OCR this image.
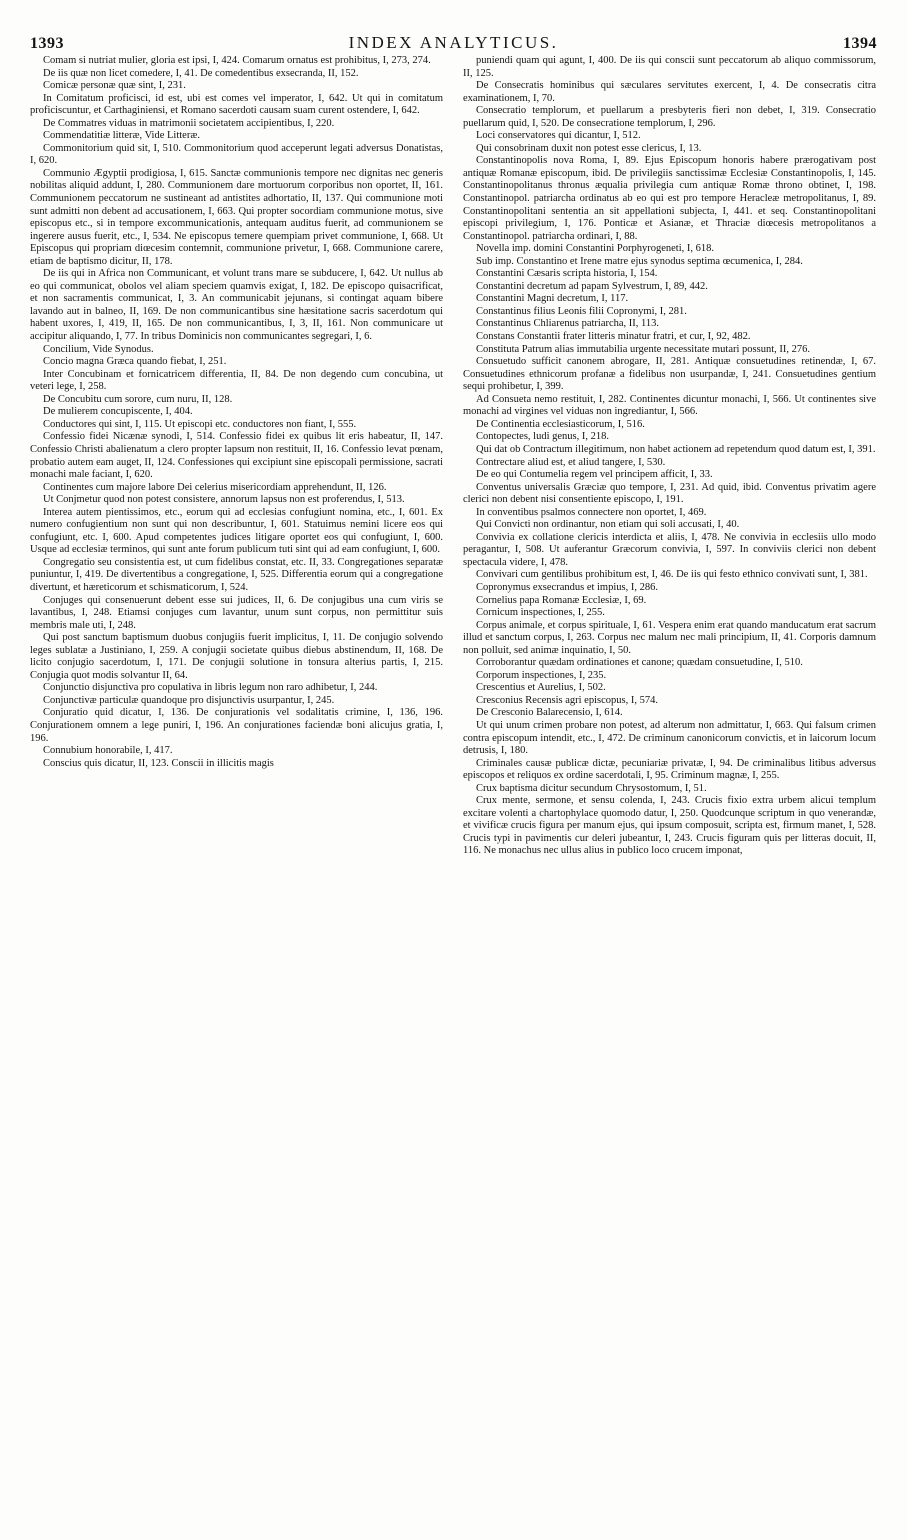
1393	INDEX ANALYTICUS.	1394

Comam si nutriat mulier, gloria est ipsi, I, 424. Comarum ornatus est prohibitus, I, 273, 274.

De iis quæ non licet comedere, I, 41. De comedentibus exsecranda, II, 152.

Comicæ personæ quæ sint, I, 231.

In Comitatum proficisci, id est, ubi est comes vel imperator, I, 642. Ut qui in comitatum proficiscuntur, et Carthaginiensi, et Romano sacerdoti causam suam curent ostendere, I, 642.

De Commatres viduas in matrimonii societatem accipientibus, I, 220.

Commendatitiæ litteræ, Vide Litteræ.

Commonitorium quid sit, I, 510. Commonitorium quod acceperunt legati adversus Donatistas, I, 620.

Communio Ægyptii prodigiosa, I, 615. Sanctæ communionis tempore nec dignitas nec generis nobilitas aliquid addunt, I, 280. Communionem dare mortuorum corporibus non oportet, II, 161. Communionem peccatorum ne sustineant ad antistites adhortatio, II, 137. Qui communione moti sunt admitti non debent ad accusationem, I, 663. Qui propter socordiam communione motus, sive episcopus etc., si in tempore excommunicationis, antequam auditus fuerit, ad communionem se ingerere ausus fuerit, etc., I, 534. Ne episcopus temere quempiam privet communione, I, 668. Ut Episcopus qui propriam diœcesim contemnit, communione privetur, I, 668. Communione carere, etiam de baptismo dicitur, II, 178.

De iis qui in Africa non Communicant, et volunt trans mare se subducere, I, 642. Ut nullus ab eo qui communicat, obolos vel aliam speciem quamvis exigat, I, 182. De episcopo quisacrificat, et non sacramentis communicat, I, 3. An communicabit jejunans, si contingat aquam bibere lavando aut in balneo, II, 169. De non communicantibus sine hæsitatione sacris sacerdotum qui habent uxores, I, 419, II, 165. De non communicantibus, I, 3, II, 161. Non communicare ut accipitur aliquando, I, 77. In tribus Dominicis non communicantes segregari, I, 6.

Concilium, Vide Synodus.

Concio magna Græca quando fiebat, I, 251.

Inter Concubinam et fornicatricem differentia, II, 84. De non degendo cum concubina, ut veteri lege, I, 258.

De Concubitu cum sorore, cum nuru, II, 128.

De mulierem concupiscente, I, 404.

Conductores qui sint, I, 115. Ut episcopi etc. conductores non fiant, I, 555.

Confessio fidei Nicænæ synodi, I, 514. Confessio fidei ex quibus lit eris habeatur, II, 147. Confessio Christi abalienatum a clero propter lapsum non restituit, II, 16. Confessio levat pœnam, probatio autem eam auget, II, 124. Confessiones qui excipiunt sine episcopali permissione, sacrati monachi male faciant, I, 620.

Continentes cum majore labore Dei celerius misericordiam apprehendunt, II, 126.

Ut Conjmetur quod non potest consistere, annorum lapsus non est proferendus, I, 513.

Interea autem pientissimos, etc., eorum qui ad ecclesias confugiunt nomina, etc., I, 601. Ex numero confugientium non sunt qui non describuntur, I, 601. Statuimus nemini licere eos qui confugiunt, etc. I, 600. Apud competentes judices litigare oportet eos qui confugiunt, I, 600. Usque ad ecclesiæ terminos, qui sunt ante forum publicum tuti sint qui ad eam confugiunt, I, 600.

Congregatio seu consistentia est, ut cum fidelibus constat, etc. II, 33. Congregationes separatæ puniuntur, I, 419. De divertentibus a congregatione, I, 525. Differentia eorum qui a congregatione divertunt, et hæreticorum et schismaticorum, I, 524.

Conjuges qui consenuerunt debent esse sui judices, II, 6. De conjugibus una cum viris se lavantibus, I, 248. Etiamsi conjuges cum lavantur, unum sunt corpus, non permittitur suis membris male uti, I, 248.

Qui post sanctum baptismum duobus conjugiis fuerit implicitus, I, 11. De conjugio solvendo leges sublatæ a Justiniano, I, 259. A conjugii societate quibus diebus abstinendum, II, 168. De licito conjugio sacerdotum, I, 171. De conjugii solutione in tonsura alterius partis, I, 215. Conjugia quot modis solvantur II, 64.

Conjunctio disjunctiva pro copulativa in libris legum non raro adhibetur, I, 244.

Conjunctivæ particulæ quandoque pro disjunctivis usurpantur, I, 245.

Conjuratio quid dicatur, I, 136. De conjurationis vel sodalitatis crimine, I, 136, 196. Conjurationem omnem a lege puniri, I, 196. An conjurationes faciendæ boni alicujus gratia, I, 196.

Connubium honorabile, I, 417.

Conscius quis dicatur, II, 123. Conscii in illicitis magis

puniendi quam qui agunt, I, 400. De iis qui conscii sunt peccatorum ab aliquo commissorum, II, 125.

De Consecratis hominibus qui sæculares servitutes exercent, I, 4. De consecratis citra examinationem, I, 70.

Consecratio templorum, et puellarum a presbyteris fieri non debet, I, 319. Consecratio puellarum quid, I, 520. De consecratione templorum, I, 296.

Loci conservatores qui dicantur, I, 512.

Qui consobrinam duxit non potest esse clericus, I, 13.

Constantinopolis nova Roma, I, 89. Ejus Episcopum honoris habere prærogativam post antiquæ Romanæ episcopum, ibid. De privilegiis sanctissimæ Ecclesiæ Constantinopolis, I, 145. Constantinopolitanus thronus æqualia privilegia cum antiquæ Romæ throno obtinet, I, 198. Constantinopol. patriarcha ordinatus ab eo qui est pro tempore Heracleæ metropolitanus, I, 89. Constantinopolitani sententia an sit appellationi subjecta, I, 441. et seq. Constantinopolitani episcopi privilegium, I, 176. Ponticæ et Asianæ, et Thraciæ diœcesis metropolitanos a Constantinopol. patriarcha ordinari, I, 88.

Novella imp. domini Constantini Porphyrogeneti, I, 618.

Sub imp. Constantino et Irene matre ejus synodus septima œcumenica, I, 284.

Constantini Cæsaris scripta historia, I, 154.

Constantini decretum ad papam Sylvestrum, I, 89, 442.

Constantini Magni decretum, I, 117.

Constantinus filius Leonis filii Copronymi, I, 281.

Constantinus Chliarenus patriarcha, II, 113.

Constans Constantii frater litteris minatur fratri, et cur, I, 92, 482.

Constituta Patrum alias immutabilia urgente necessitate mutari possunt, II, 276.

Consuetudo sufficit canonem abrogare, II, 281. Antiquæ consuetudines retinendæ, I, 67. Consuetudines ethnicorum profanæ a fidelibus non usurpandæ, I, 241. Consuetudines gentium sequi prohibetur, I, 399.

Ad Consueta nemo restituit, I, 282. Continentes dicuntur monachi, I, 566. Ut continentes sive monachi ad virgines vel viduas non ingrediantur, I, 566.

De Continentia ecclesiasticorum, I, 516.

Contopectes, ludi genus, I, 218.

Qui dat ob Contractum illegitimum, non habet actionem ad repetendum quod datum est, I, 391.

Contrectare aliud est, et aliud tangere, I, 530.

De eo qui Contumelia regem vel principem afficit, I, 33.

Conventus universalis Græciæ quo tempore, I, 231. Ad quid, ibid. Conventus privatim agere clerici non debent nisi consentiente episcopo, I, 191.

In conventibus psalmos connectere non oportet, I, 469.

Qui Convicti non ordinantur, non etiam qui soli accusati, I, 40.

Convivia ex collatione clericis interdicta et aliis, I, 478. Ne convivia in ecclesiis ullo modo peragantur, I, 508. Ut auferantur Græcorum convivia, I, 597. In conviviis clerici non debent spectacula videre, I, 478.

Convivari cum gentilibus prohibitum est, I, 46. De iis qui festo ethnico convivati sunt, I, 381.

Copronymus exsecrandus et impius, I, 286.

Cornelius papa Romanæ Ecclesiæ, I, 69.

Cornicum inspectiones, I, 255.

Corpus animale, et corpus spirituale, I, 61. Vespera enim erat quando manducatum erat sacrum illud et sanctum corpus, I, 263. Corpus nec malum nec mali principium, II, 41. Corporis damnum non polluit, sed animæ inquinatio, I, 50.

Corroborantur quædam ordinationes et canone; quædam consuetudine, I, 510.

Corporum inspectiones, I, 235.

Crescentius et Aurelius, I, 502.

Cresconius Recensis agri episcopus, I, 574.

De Cresconio Balarecensio, I, 614.

Ut qui unum crimen probare non potest, ad alterum non admittatur, I, 663. Qui falsum crimen contra episcopum intendit, etc., I, 472. De criminum canonicorum convictis, et in laicorum locum detrusis, I, 180.

Criminales causæ publicæ dictæ, pecuniariæ privatæ, I, 94. De criminalibus litibus adversus episcopos et reliquos ex ordine sacerdotali, I, 95. Criminum magnæ, I, 255.

Crux baptisma dicitur secundum Chrysostomum, I, 51.

Crux mente, sermone, et sensu colenda, I, 243. Crucis fixio extra urbem alicui templum excitare volenti a chartophylace quomodo datur, I, 250. Quodcunque scriptum in quo venerandæ, et vivificæ crucis figura per manum ejus, qui ipsum composuit, scripta est, firmum manet, I, 528. Crucis typi in pavimentis cur deleri jubeantur, I, 243. Crucis figuram quis per litteras docuit, II, 116. Ne monachus nec ullus alius in publico loco crucem imponat,
